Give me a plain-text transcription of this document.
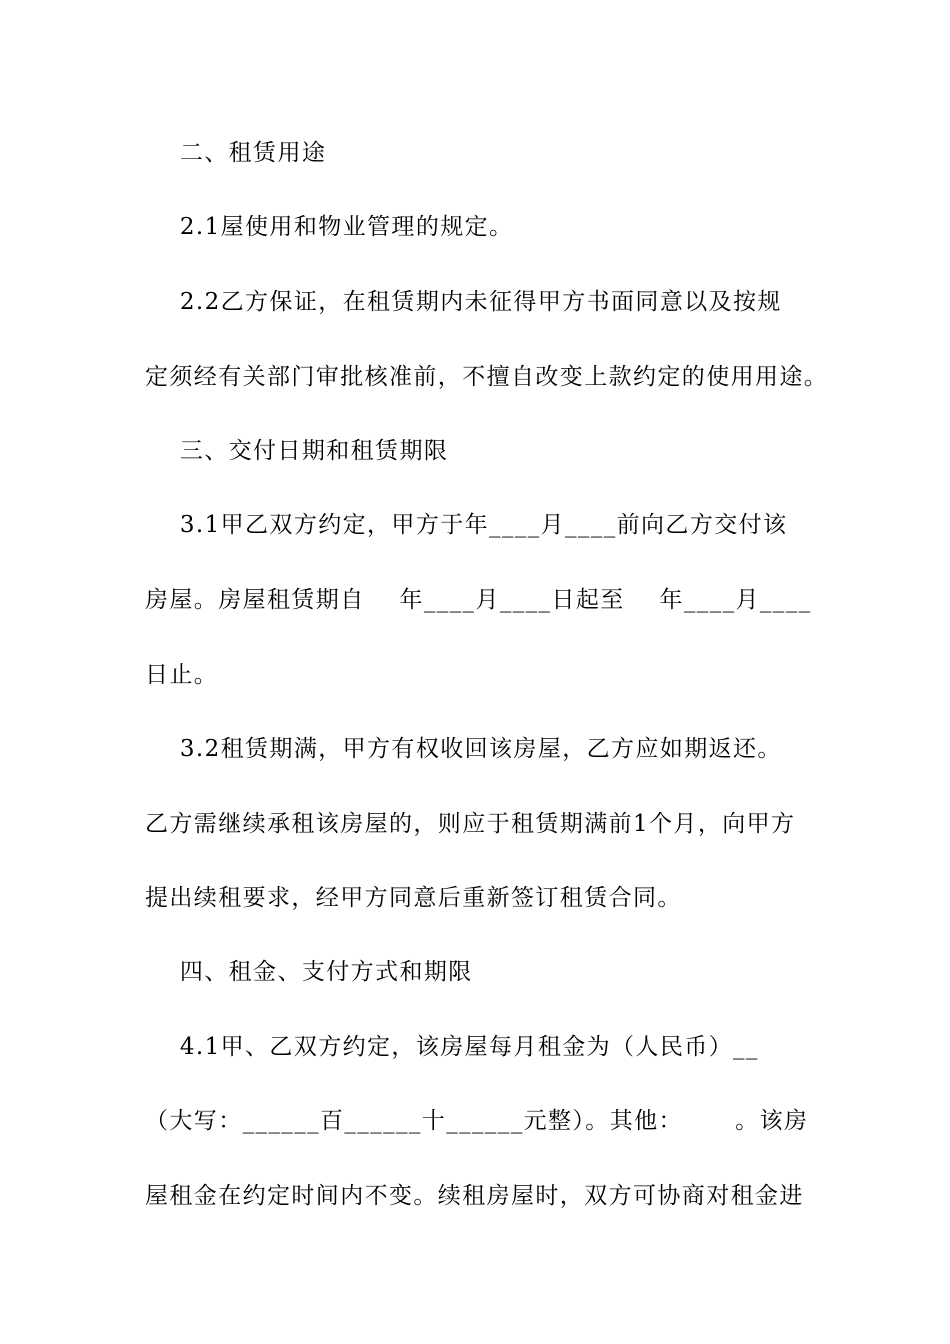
二、租赁用途
2.1屋使用和物业管理的规定。
2.2乙方保证，在租赁期内未征得甲方书面同意以及按规
定须经有关部门审批核准前，不擅自改变上款约定的使用用途。
三、交付日期和租赁期限
3.1甲乙双方约定，甲方于年____月____前向乙方交付该
房屋。房屋租赁期自    年____月____日起至    年____月____
日止。
3.2租赁期满，甲方有权收回该房屋，乙方应如期返还。
乙方需继续承租该房屋的，则应于租赁期满前1个月，向甲方
提出续租要求，经甲方同意后重新签订租赁合同。
四、租金、支付方式和期限
4.1甲、乙双方约定，该房屋每月租金为（人民币）__
（大写：______百______十______元整）。其他：      。该房
屋租金在约定时间内不变。续租房屋时，双方可协商对租金进
